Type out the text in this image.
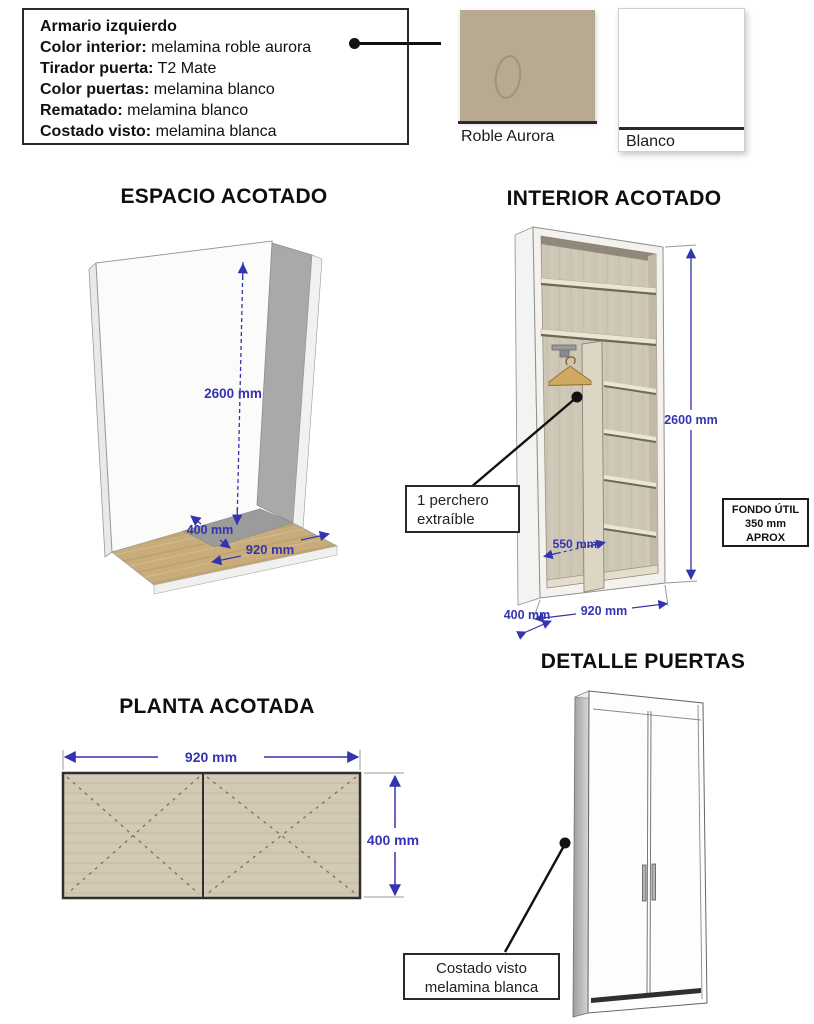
Armario izquierdo
Color interior: melamina roble aurora
Tirador puerta: T2 Mate
Color puertas: melamina blanco
Rematado: melamina blanco
Costado visto: melamina blanca	Roble Aurora	Blanco
ESPACIO ACOTADO	INTERIOR ACOTADO
PLANTA ACOTADA
DETALLE PUERTAS
2600 mm
400 mm
920 mm
2600 mm
550 mm
920 mm
400 mm
920 mm
400 mm
1 perchero
extraíble
FONDO ÚTIL
350 mm
APROX
Costado visto
melamina blanca
